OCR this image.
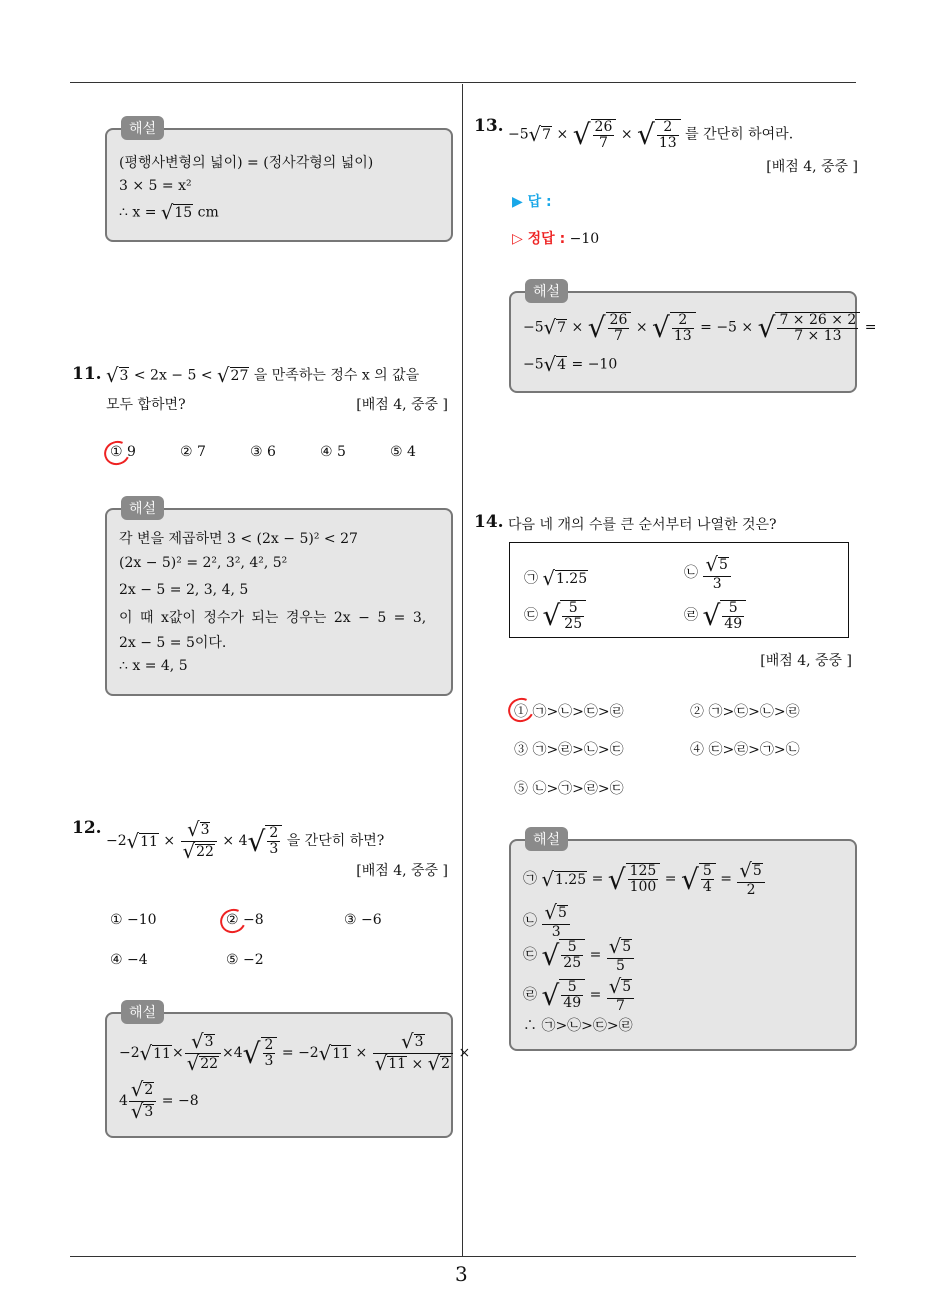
3
해설
(평행사변형의 넓이) = (정사각형의 넓이)
3 × 5 = x²
∴ x = √15 cm
11. √3 < 2x − 5 < √27 을 만족하는 정수 x 의 값을
모두 합하면?	[배점 4, 중중 ]
① 9	② 7	③ 6	④ 5	⑤ 4
해설
각 변을 제곱하면 3 < (2x − 5)² < 27
(2x − 5)² = 2², 3², 4², 5²
2x − 5 = 2, 3, 4, 5
이 때 x값이 정수가 되는 경우는 2x − 5 = 3,
2x − 5 = 5이다.
∴ x = 4, 5
12.
$-2√11 \times \frac{√3}{√22} \times 4√ \frac{2}{3}$ 을 간단히 하면?
[배점 4, 중중 ]
① −10	② −8	③ −6
④ −4	⑤ −2
해설
$-2√11\times \frac{√3}{√22} \times 4√ \frac{2}{3} = -2√11 \times \frac{√3}{√11 \times √2}$ ×
$4 \frac{√2}{√3} = -8$
13. −5√7 × √ $\frac{26}{7}$ × √ $\frac{2}{13}$ 를 간단히 하여라.
[배점 4, 중중 ]
▶ 답 :
▷ 정답 : −10
해설
−5√7 × √ $\frac{26}{7}$ × √ $\frac{2}{13} = -5$ × √ $\frac{7 \times 26 \times 2}{7 \times 13}$ =
−5√4 = −10
14. 다음 네 개의 수를 큰 순서부터 나열한 것은?
㉠ √1.25	㉡ $\frac{√5}{3}$
㉢ √ $\frac{5}{25}$	㉣ √ $\frac{5}{49}$
[배점 4, 중중 ]
① ㉠>㉡>㉢>㉣	② ㉠>㉢>㉡>㉣
③ ㉠>㉣>㉡>㉢	④ ㉢>㉣>㉠>㉡
⑤ ㉡>㉠>㉣>㉢
해설
㉠ √1.25 = √ $\frac{125}{100}$ = √ $\frac{5}{4} = \frac{√5}{2}$
㉡ $\frac{√5}{3}$
㉢ √ $\frac{5}{25} = \frac{√5}{5}$
㉣ √ $\frac{5}{49} = \frac{√5}{7}$
∴ ㉠>㉡>㉢>㉣
